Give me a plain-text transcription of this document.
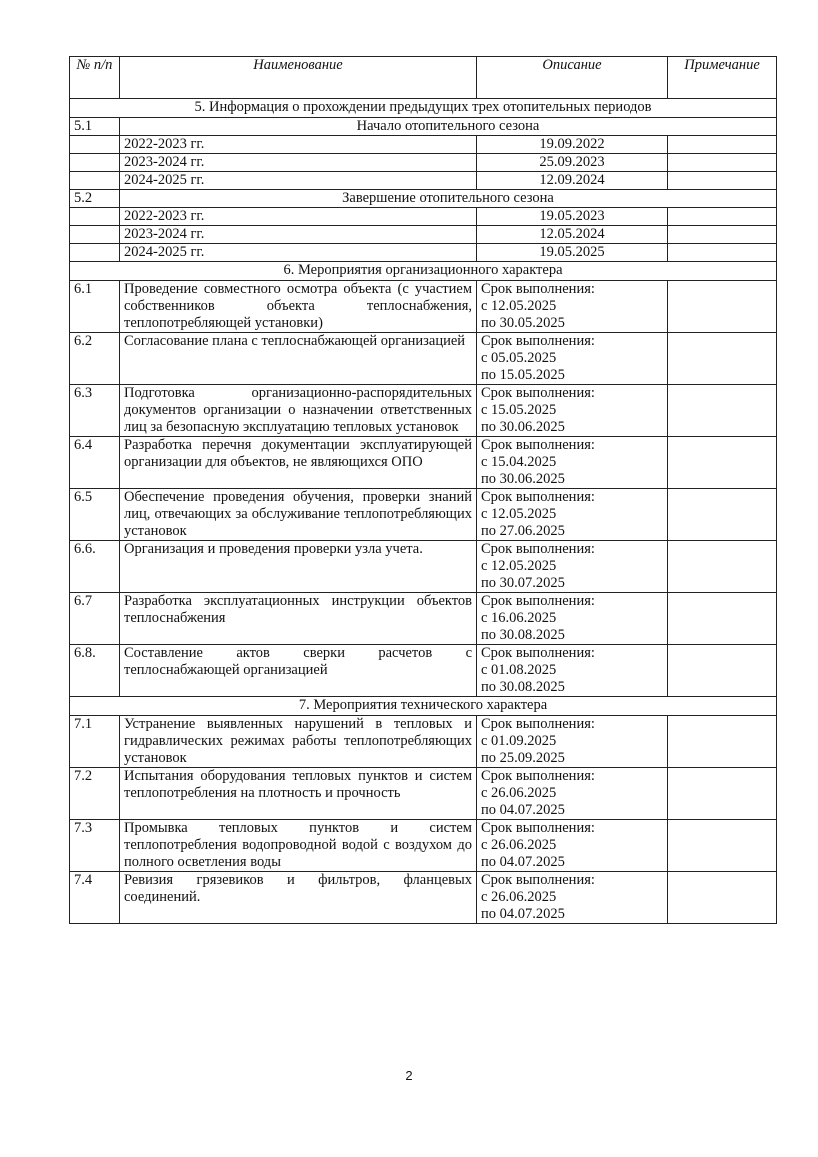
№ п/п	Наименование	Описание	Примечание
5. Информация о прохождении предыдущих трех отопительных периодов			
5.1	Начало отопительного сезона		
	2022-2023 гг.	19.09.2022	
	2023-2024 гг.	25.09.2023	
	2024-2025 гг.	12.09.2024	
5.2	Завершение отопительного сезона		
	2022-2023 гг.	19.05.2023	
	2023-2024 гг.	12.05.2024	
	2024-2025 гг.	19.05.2025	
6. Мероприятия организационного характера			
6.1	Проведение совместного осмотра объекта (с участием собственников объекта теплоснабжения, теплопотребляющей установки)	Срок выполнения:
с 12.05.2025
по 30.05.2025	

6.2	Согласование плана с теплоснабжающей организацией	Срок выполнения:
с 05.05.2025
по 15.05.2025	

6.3	Подготовка организационно-распорядительных документов организации о назначении ответственных лиц за безопасную эксплуатацию тепловых установок	Срок выполнения:
с 15.05.2025
по 30.06.2025	

6.4	Разработка перечня документации эксплуатирующей организации для объектов, не являющихся ОПО	Срок выполнения:
с 15.04.2025
по 30.06.2025	

6.5	Обеспечение проведения обучения, проверки знаний лиц, отвечающих за обслуживание теплопотребляющих установок	Срок выполнения:
с 12.05.2025
по 27.06.2025	

6.6.	Организация и проведения проверки узла учета.	Срок выполнения:
с 12.05.2025
по 30.07.2025	

6.7	Разработка эксплуатационных инструкции объектов теплоснабжения	Срок выполнения:
с 16.06.2025
по 30.08.2025	

6.8.	Составление актов сверки расчетов с теплоснабжающей организацией	Срок выполнения:
с 01.08.2025
по 30.08.2025	

7. Мероприятия технического характера			
7.1	Устранение выявленных нарушений в тепловых и гидравлических режимах работы теплопотребляющих установок	Срок выполнения:
с 01.09.2025
по 25.09.2025	

7.2	Испытания оборудования тепловых пунктов и систем теплопотребления на плотность и прочность	Срок выполнения:
с 26.06.2025
по 04.07.2025	

7.3	Промывка тепловых пунктов и систем теплопотребления водопроводной водой с воздухом до полного осветления воды	Срок выполнения:
с 26.06.2025
по 04.07.2025	

7.4	Ревизия грязевиков и фильтров, фланцевых соединений.	Срок выполнения:
с 26.06.2025
по 04.07.2025	

2
